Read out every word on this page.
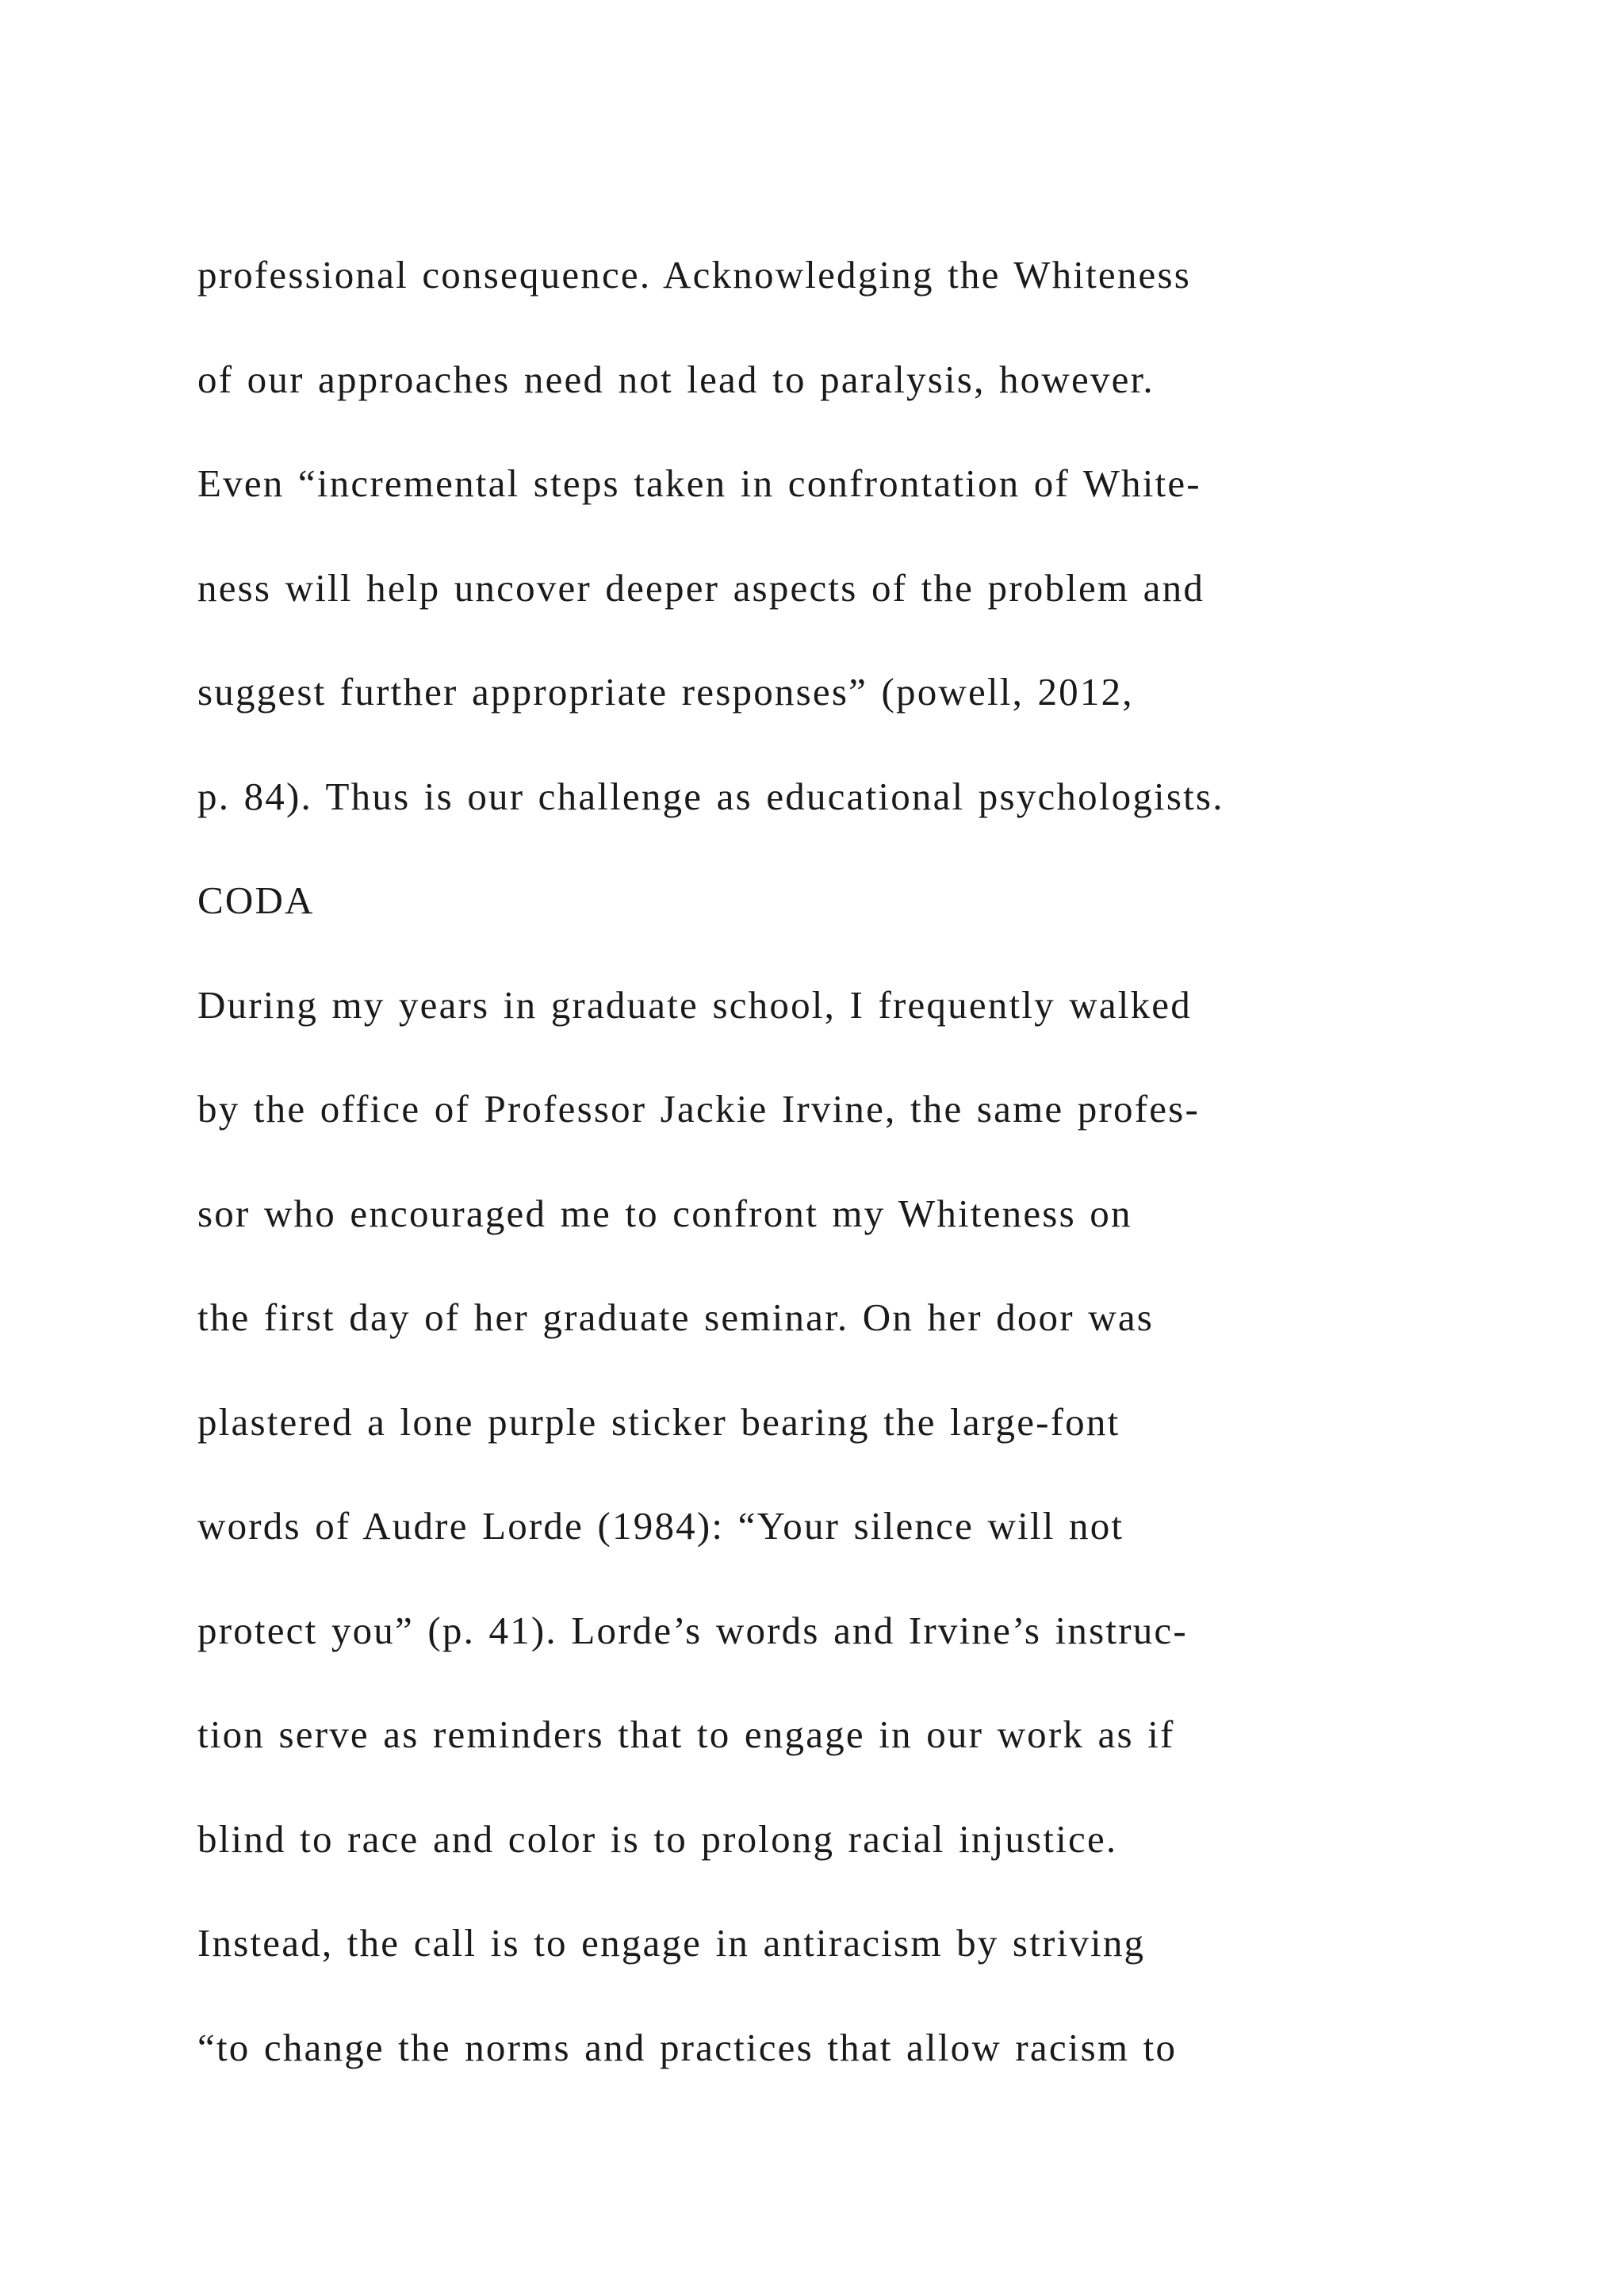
professional consequence. Acknowledging the Whiteness
of our approaches need not lead to paralysis, however.
Even “incremental steps taken in confrontation of White-
ness will help uncover deeper aspects of the problem and
suggest further appropriate responses” (powell, 2012,
p. 84). Thus is our challenge as educational psychologists.
CODA
During my years in graduate school, I frequently walked
by the office of Professor Jackie Irvine, the same profes-
sor who encouraged me to confront my Whiteness on
the first day of her graduate seminar. On her door was
plastered a lone purple sticker bearing the large-font
words of Audre Lorde (1984): “Your silence will not
protect you” (p. 41). Lorde’s words and Irvine’s instruc-
tion serve as reminders that to engage in our work as if
blind to race and color is to prolong racial injustice.
Instead, the call is to engage in antiracism by striving
“to change the norms and practices that allow racism to
